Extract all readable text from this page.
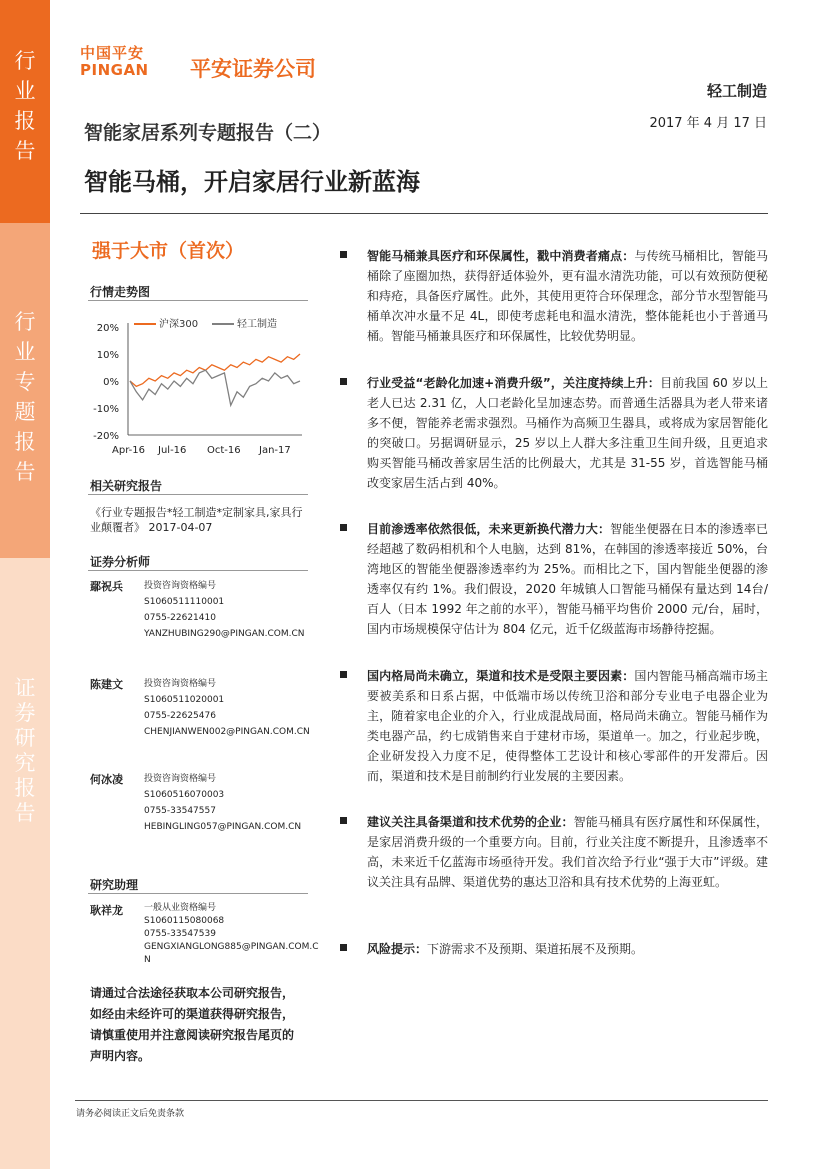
行
业
报
告
行
业
专
题
报
告
证
券
研
究
报
告
中国平安
PINGAN 平安证券公司
轻工制造
2017 年 4 月 17 日
智能家居系列专题报告（二）
智能马桶，开启家居行业新蓝海
强于大市（首次）
行情走势图
20%
10%
0%
-10%
-20%
Apr-16 Jul-16 Oct-16 Jan-17
沪深300	轻工制造
相关研究报告
《行业专题报告*轻工制造*定制家具,家具行业颠覆者》 2017-04-07
证券分析师
鄢祝兵 投资咨询资格编号
S1060511110001
0755-22621410
YANZHUBING290@PINGAN.COM.CN
陈建文 投资咨询资格编号
S1060511020001
0755-22625476
CHENJIANWEN002@PINGAN.COM.CN
何冰凌 投资咨询资格编号
S1060516070003
0755-33547557
HEBINGLING057@PINGAN.COM.CN
研究助理
耿祥龙 一般从业资格编号
S1060115080068
0755-33547539
GENGXIANGLONG885@PINGAN.COM.CN
请通过合法途径获取本公司研究报告，如经由未经许可的渠道获得研究报告，请慎重使用并注意阅读研究报告尾页的声明内容。

智能马桶兼具医疗和环保属性，戳中消费者痛点：与传统马桶相比，智能马桶除了座圈加热，获得舒适体验外，更有温水清洗功能，可以有效预防便秘和痔疮，具备医疗属性。此外，其使用更符合环保理念，部分节水型智能马桶单次冲水量不足 4L，即使考虑耗电和温水清洗，整体能耗也小于普通马桶。智能马桶兼具医疗和环保属性，比较优势明显。

行业受益“老龄化加速+消费升级”，关注度持续上升：目前我国 60 岁以上老人已达 2.31 亿，人口老龄化呈加速态势。而普通生活器具为老人带来诸多不便，智能养老需求强烈。马桶作为高频卫生器具，或将成为家居智能化的突破口。另据调研显示，25 岁以上人群大多注重卫生间升级，且更追求购买智能马桶改善家居生活的比例最大，尤其是 31-55 岁，首选智能马桶改变家居生活占到 40%。

目前渗透率依然很低，未来更新换代潜力大：智能坐便器在日本的渗透率已经超越了数码相机和个人电脑，达到 81%，在韩国的渗透率接近 50%，台湾地区的智能坐便器渗透率约为 25%。而相比之下，国内智能坐便器的渗透率仅有约 1%。我们假设，2020 年城镇人口智能马桶保有量达到 14台/百人（日本 1992 年之前的水平），智能马桶平均售价 2000 元/台，届时，国内市场规模保守估计为 804 亿元，近千亿级蓝海市场静待挖掘。

国内格局尚未确立，渠道和技术是受限主要因素：国内智能马桶高端市场主要被美系和日系占据，中低端市场以传统卫浴和部分专业电子电器企业为主，随着家电企业的介入，行业成混战局面，格局尚未确立。智能马桶作为类电器产品，约七成销售来自于建材市场，渠道单一。加之，行业起步晚，企业研发投入力度不足，使得整体工艺设计和核心零部件的开发滞后。因而，渠道和技术是目前制约行业发展的主要因素。

建议关注具备渠道和技术优势的企业：智能马桶具有医疗属性和环保属性，是家居消费升级的一个重要方向。目前，行业关注度不断提升，且渗透率不高，未来近千亿蓝海市场亟待开发。我们首次给予行业“强于大市”评级。建议关注具有品牌、渠道优势的惠达卫浴和具有技术优势的上海亚虹。

风险提示：下游需求不及预期、渠道拓展不及预期。

请务必阅读正文后免责条款
